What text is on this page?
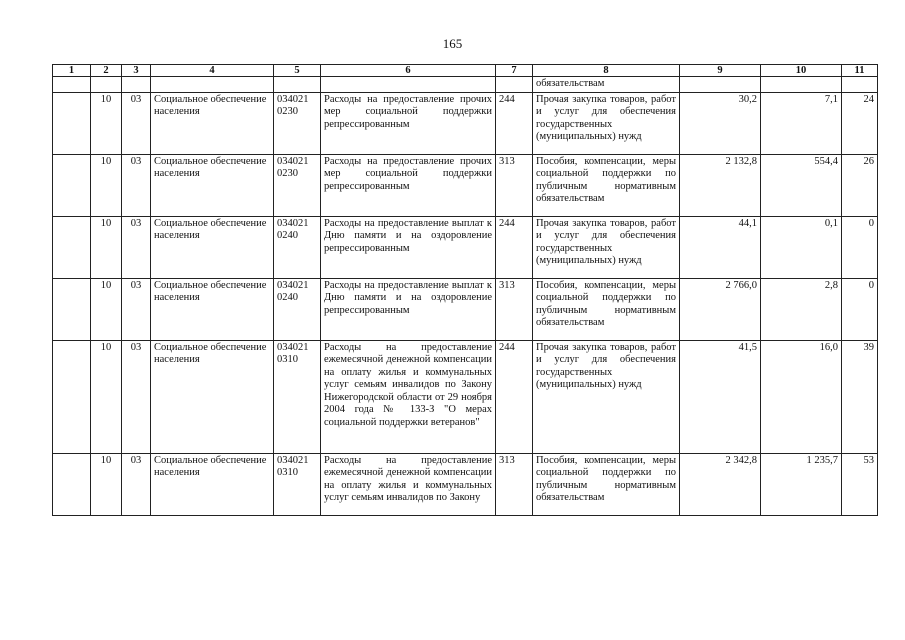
165
1	2	3	4	5	6	7	8	9	10	11
							обязательствам			
	10	03	Социальное обеспечение населения	034021 0230	Расходы на предоставление прочих мер социальной поддержки репрессированным	244	Прочая закупка товаров, работ и услуг для обеспечения государственных (муниципальных) нужд	30,2	7,1	24
	10	03	Социальное обеспечение населения	034021 0230	Расходы на предоставление прочих мер социальной поддержки репрессированным	313	Пособия, компенсации, меры социальной поддержки по публичным нормативным обязательствам	2 132,8	554,4	26
	10	03	Социальное обеспечение населения	034021 0240	Расходы на предоставление выплат к Дню памяти и на оздоровление репрессированным	244	Прочая закупка товаров, работ и услуг для обеспечения государственных (муниципальных) нужд	44,1	0,1	0
	10	03	Социальное обеспечение населения	034021 0240	Расходы на предоставление выплат к Дню памяти и на оздоровление репрессированным	313	Пособия, компенсации, меры социальной поддержки по публичным нормативным обязательствам	2 766,0	2,8	0
	10	03	Социальное обеспечение населения	034021 0310	Расходы на предоставление ежемесячной денежной компенсации на оплату жилья и коммунальных услуг семьям инвалидов по Закону Нижегородской области от 29 ноября 2004 года № 133-З "О мерах социальной поддержки ветеранов"	244	Прочая закупка товаров, работ и услуг для обеспечения государственных (муниципальных) нужд	41,5	16,0	39
	10	03	Социальное обеспечение населения	034021 0310	Расходы на предоставление ежемесячной денежной компенсации на оплату жилья и коммунальных услуг семьям инвалидов по Закону	313	Пособия, компенсации, меры социальной поддержки по публичным нормативным обязательствам	2 342,8	1 235,7	53
